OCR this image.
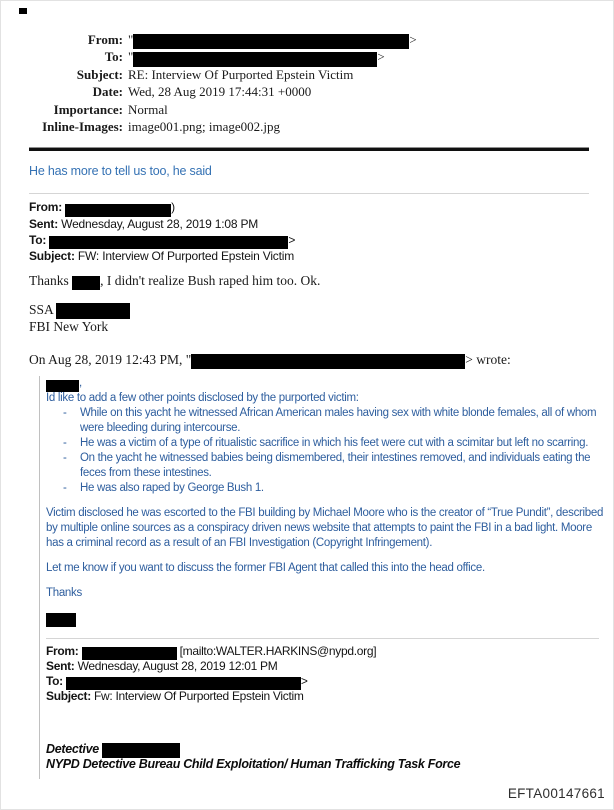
From: "	>
To: "	>
Subject: RE: Interview Of Purported Epstein Victim
Date: Wed, 28 Aug 2019 17:44:31 +0000
Importance: Normal
Inline-Images: image001.png; image002.jpg
He has more to tell us too, he said
From:	)
Sent: Wednesday, August 28, 2019 1:08 PM
To:	>
Subject: FW: Interview Of Purported Epstein Victim

Thanks , I didn't realize Bush raped him too. Ok.

SSA

FBI New York

On Aug 28, 2019 12:43 PM, "	> wrote:

,
Id like to add a few other points disclosed by the purported victim:
- While on this yacht he witnessed African American males having sex with white blonde females, all of whom were bleeding during intercourse.
- He was a victim of a type of ritualistic sacrifice in which his feet were cut with a scimitar but left no scarring.
- On the yacht he witnessed babies being dismembered, their intestines removed, and individuals eating the feces from these intestines.
- He was also raped by George Bush 1.
Victim disclosed he was escorted to the FBI building by Michael Moore who is the creator of “True Pundit”, described by multiple online sources as a conspiracy driven news website that attempts to paint the FBI in a bad light. Moore has a criminal record as a result of an FBI Investigation (Copyright Infringement).
Let me know if you want to discuss the former FBI Agent that called this into the head office.
Thanks
From:	[mailto:WALTER.HARKINS@nypd.org]
Sent: Wednesday, August 28, 2019 12:01 PM
To:	>
Subject: Fw: Interview Of Purported Epstein Victim
Detective
NYPD Detective Bureau Child Exploitation/ Human Trafficking Task Force
EFTA00147661
